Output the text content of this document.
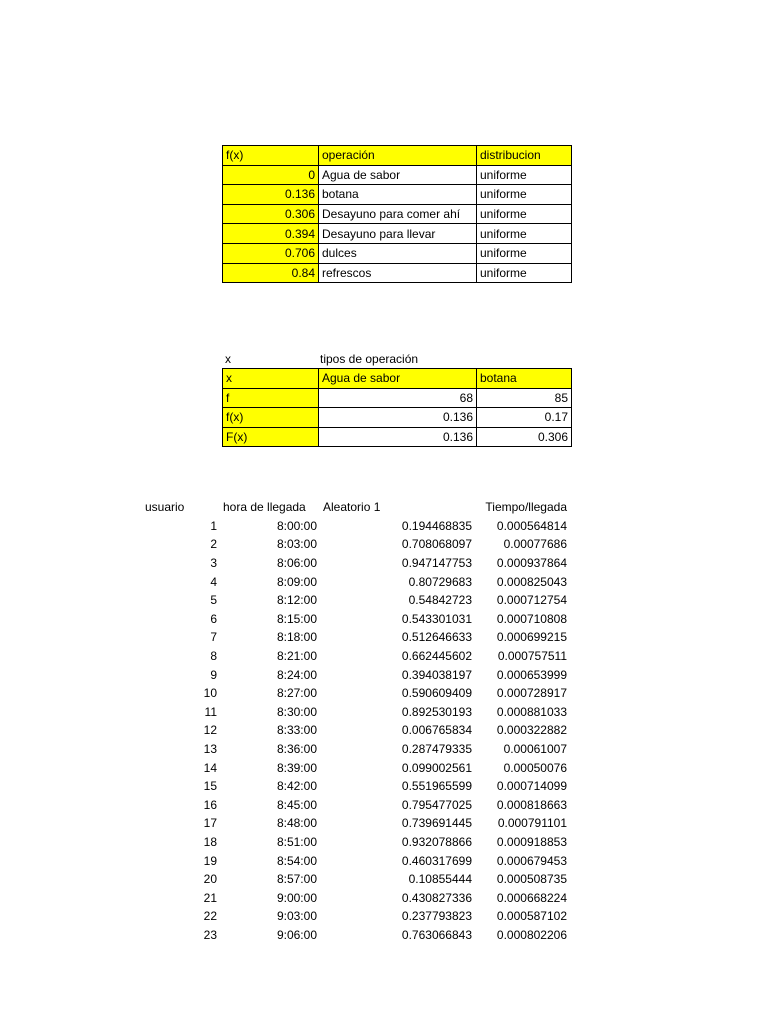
f(x)	operación	distribucion
0	Agua de sabor	uniforme
0.136	botana	uniforme
0.306	Desayuno para comer ahí	uniforme
0.394	Desayuno para llevar	uniforme
0.706	dulces	uniforme
0.84	refrescos	uniforme
x	tipos de operación
x	Agua de sabor	botana
f	68	85
f(x)	0.136	0.17
F(x)	0.136	0.306
usuario	hora de llegada	Aleatorio 1	Tiempo/llegada
1	8:00:00	0.194468835	0.000564814
2	8:03:00	0.708068097	0.00077686
3	8:06:00	0.947147753	0.000937864
4	8:09:00	0.80729683	0.000825043
5	8:12:00	0.54842723	0.000712754
6	8:15:00	0.543301031	0.000710808
7	8:18:00	0.512646633	0.000699215
8	8:21:00	0.662445602	0.000757511
9	8:24:00	0.394038197	0.000653999
10	8:27:00	0.590609409	0.000728917
11	8:30:00	0.892530193	0.000881033
12	8:33:00	0.006765834	0.000322882
13	8:36:00	0.287479335	0.00061007
14	8:39:00	0.099002561	0.00050076
15	8:42:00	0.551965599	0.000714099
16	8:45:00	0.795477025	0.000818663
17	8:48:00	0.739691445	0.000791101
18	8:51:00	0.932078866	0.000918853
19	8:54:00	0.460317699	0.000679453
20	8:57:00	0.10855444	0.000508735
21	9:00:00	0.430827336	0.000668224
22	9:03:00	0.237793823	0.000587102
23	9:06:00	0.763066843	0.000802206
